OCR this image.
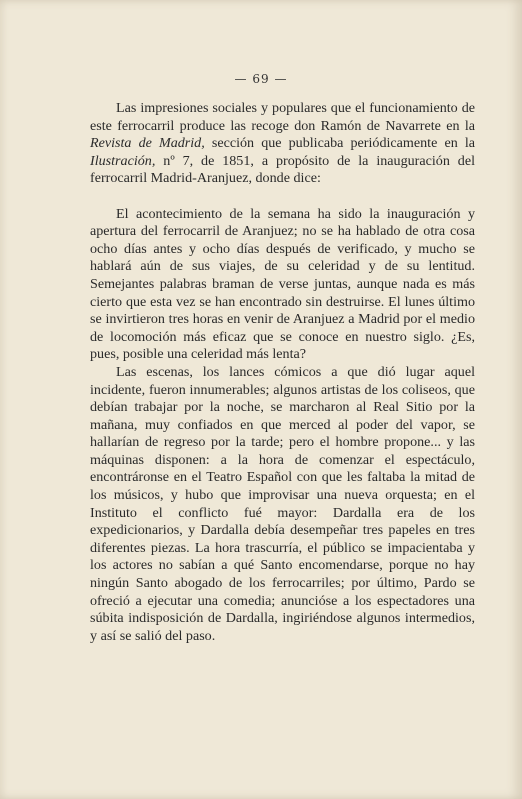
— 69 —

Las impresiones sociales y populares que el funcionamiento de este ferrocarril produce las recoge don Ramón de Navarrete en la Revista de Madrid, sección que publicaba periódicamente en la Ilustración, nº 7, de 1851, a propósito de la inauguración del ferrocarril Madrid-Aranjuez, donde dice:

El acontecimiento de la semana ha sido la inauguración y apertura del ferrocarril de Aranjuez; no se ha hablado de otra cosa ocho días antes y ocho días después de verificado, y mucho se hablará aún de sus viajes, de su celeridad y de su lentitud. Semejantes palabras braman de verse juntas, aunque nada es más cierto que esta vez se han encontrado sin destruirse. El lunes último se invirtieron tres horas en venir de Aranjuez a Madrid por el medio de locomoción más eficaz que se conoce en nuestro siglo. ¿Es, pues, posible una celeridad más lenta?

Las escenas, los lances cómicos a que dió lugar aquel incidente, fueron innumerables; algunos artistas de los coliseos, que debían trabajar por la noche, se marcharon al Real Sitio por la mañana, muy confiados en que merced al poder del vapor, se hallarían de regreso por la tarde; pero el hombre propone... y las máquinas disponen: a la hora de comenzar el espectáculo, encontráronse en el Teatro Español con que les faltaba la mitad de los músicos, y hubo que improvisar una nueva orquesta; en el Instituto el conflicto fué mayor: Dardalla era de los expedicionarios, y Dardalla debía desempeñar tres papeles en tres diferentes piezas. La hora trascurría, el público se impacientaba y los actores no sabían a qué Santo encomendarse, porque no hay ningún Santo abogado de los ferrocarriles; por último, Pardo se ofreció a ejecutar una comedia; anuncióse a los espectadores una súbita indisposición de Dardalla, ingiriéndose algunos intermedios, y así se salió del paso.
